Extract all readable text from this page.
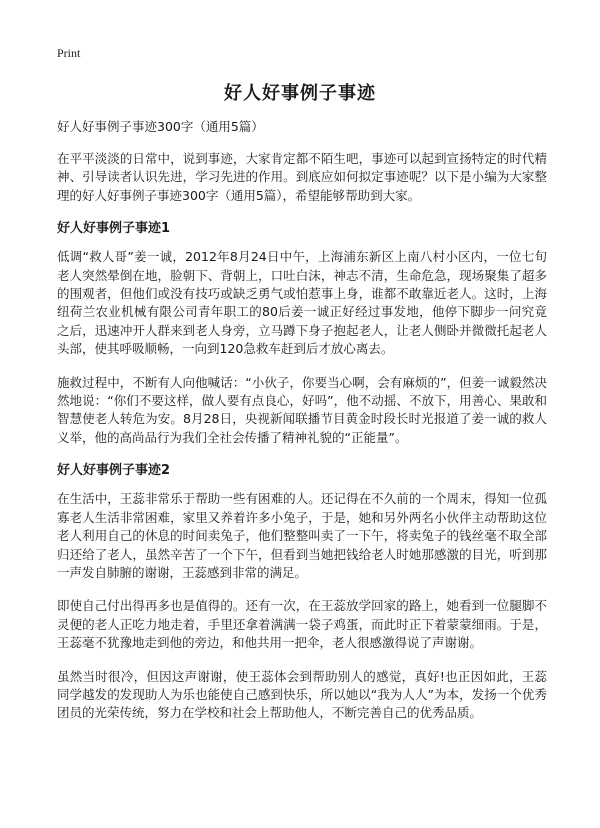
Print
好人好事例子事迹
好人好事例子事迹300字（通用5篇）

在平平淡淡的日常中，说到事迹，大家肯定都不陌生吧，事迹可以起到宣扬特定的时代精神、引导读者认识先进，学习先进的作用。到底应如何拟定事迹呢？以下是小编为大家整理的好人好事例子事迹300字（通用5篇），希望能够帮助到大家。

好人好事例子事迹1

低调“救人哥”姜一诚，2012年8月24日中午，上海浦东新区上南八村小区内，一位七旬老人突然晕倒在地，脸朝下、背朝上，口吐白沫，神志不清，生命危急，现场聚集了超多的围观者，但他们或没有技巧或缺乏勇气或怕惹事上身，谁都不敢靠近老人。这时，上海纽荷兰农业机械有限公司青年职工的80后姜一诚正好经过事发地，他停下脚步一问究竟之后，迅速冲开人群来到老人身旁，立马蹲下身子抱起老人，让老人侧卧并微微托起老人头部，使其呼吸顺畅，一向到120急救车赶到后才放心离去。

施救过程中，不断有人向他喊话：“小伙子，你要当心啊，会有麻烦的”，但姜一诚毅然决然地说：“你们不要这样，做人要有点良心，好吗”，他不动摇、不放下，用善心、果敢和智慧使老人转危为安。8月28日，央视新闻联播节目黄金时段长时光报道了姜一诚的救人义举，他的高尚品行为我们全社会传播了精神礼貌的“正能量”。

好人好事例子事迹2

在生活中，王蕊非常乐于帮助一些有困难的人。还记得在不久前的一个周末，得知一位孤寡老人生活非常困难，家里又养着许多小兔子，于是，她和另外两名小伙伴主动帮助这位老人利用自己的休息的时间卖兔子，他们整整叫卖了一下午，将卖兔子的钱丝毫不取全部归还给了老人，虽然辛苦了一个下午，但看到当她把钱给老人时她那感激的目光，听到那一声发自肺腑的谢谢，王蕊感到非常的满足。

即使自己付出得再多也是值得的。还有一次，在王蕊放学回家的路上，她看到一位腿脚不灵便的老人正吃力地走着，手里还拿着满满一袋子鸡蛋，而此时正下着蒙蒙细雨。于是，王蕊毫不犹豫地走到他的旁边，和他共用一把伞，老人很感激得说了声谢谢。

虽然当时很冷，但因这声谢谢，使王蕊体会到帮助别人的感觉，真好!也正因如此，王蕊同学越发的发现助人为乐也能使自己感到快乐，所以她以“我为人人”为本，发扬一个优秀团员的光荣传统，努力在学校和社会上帮助他人，不断完善自己的优秀品质。
